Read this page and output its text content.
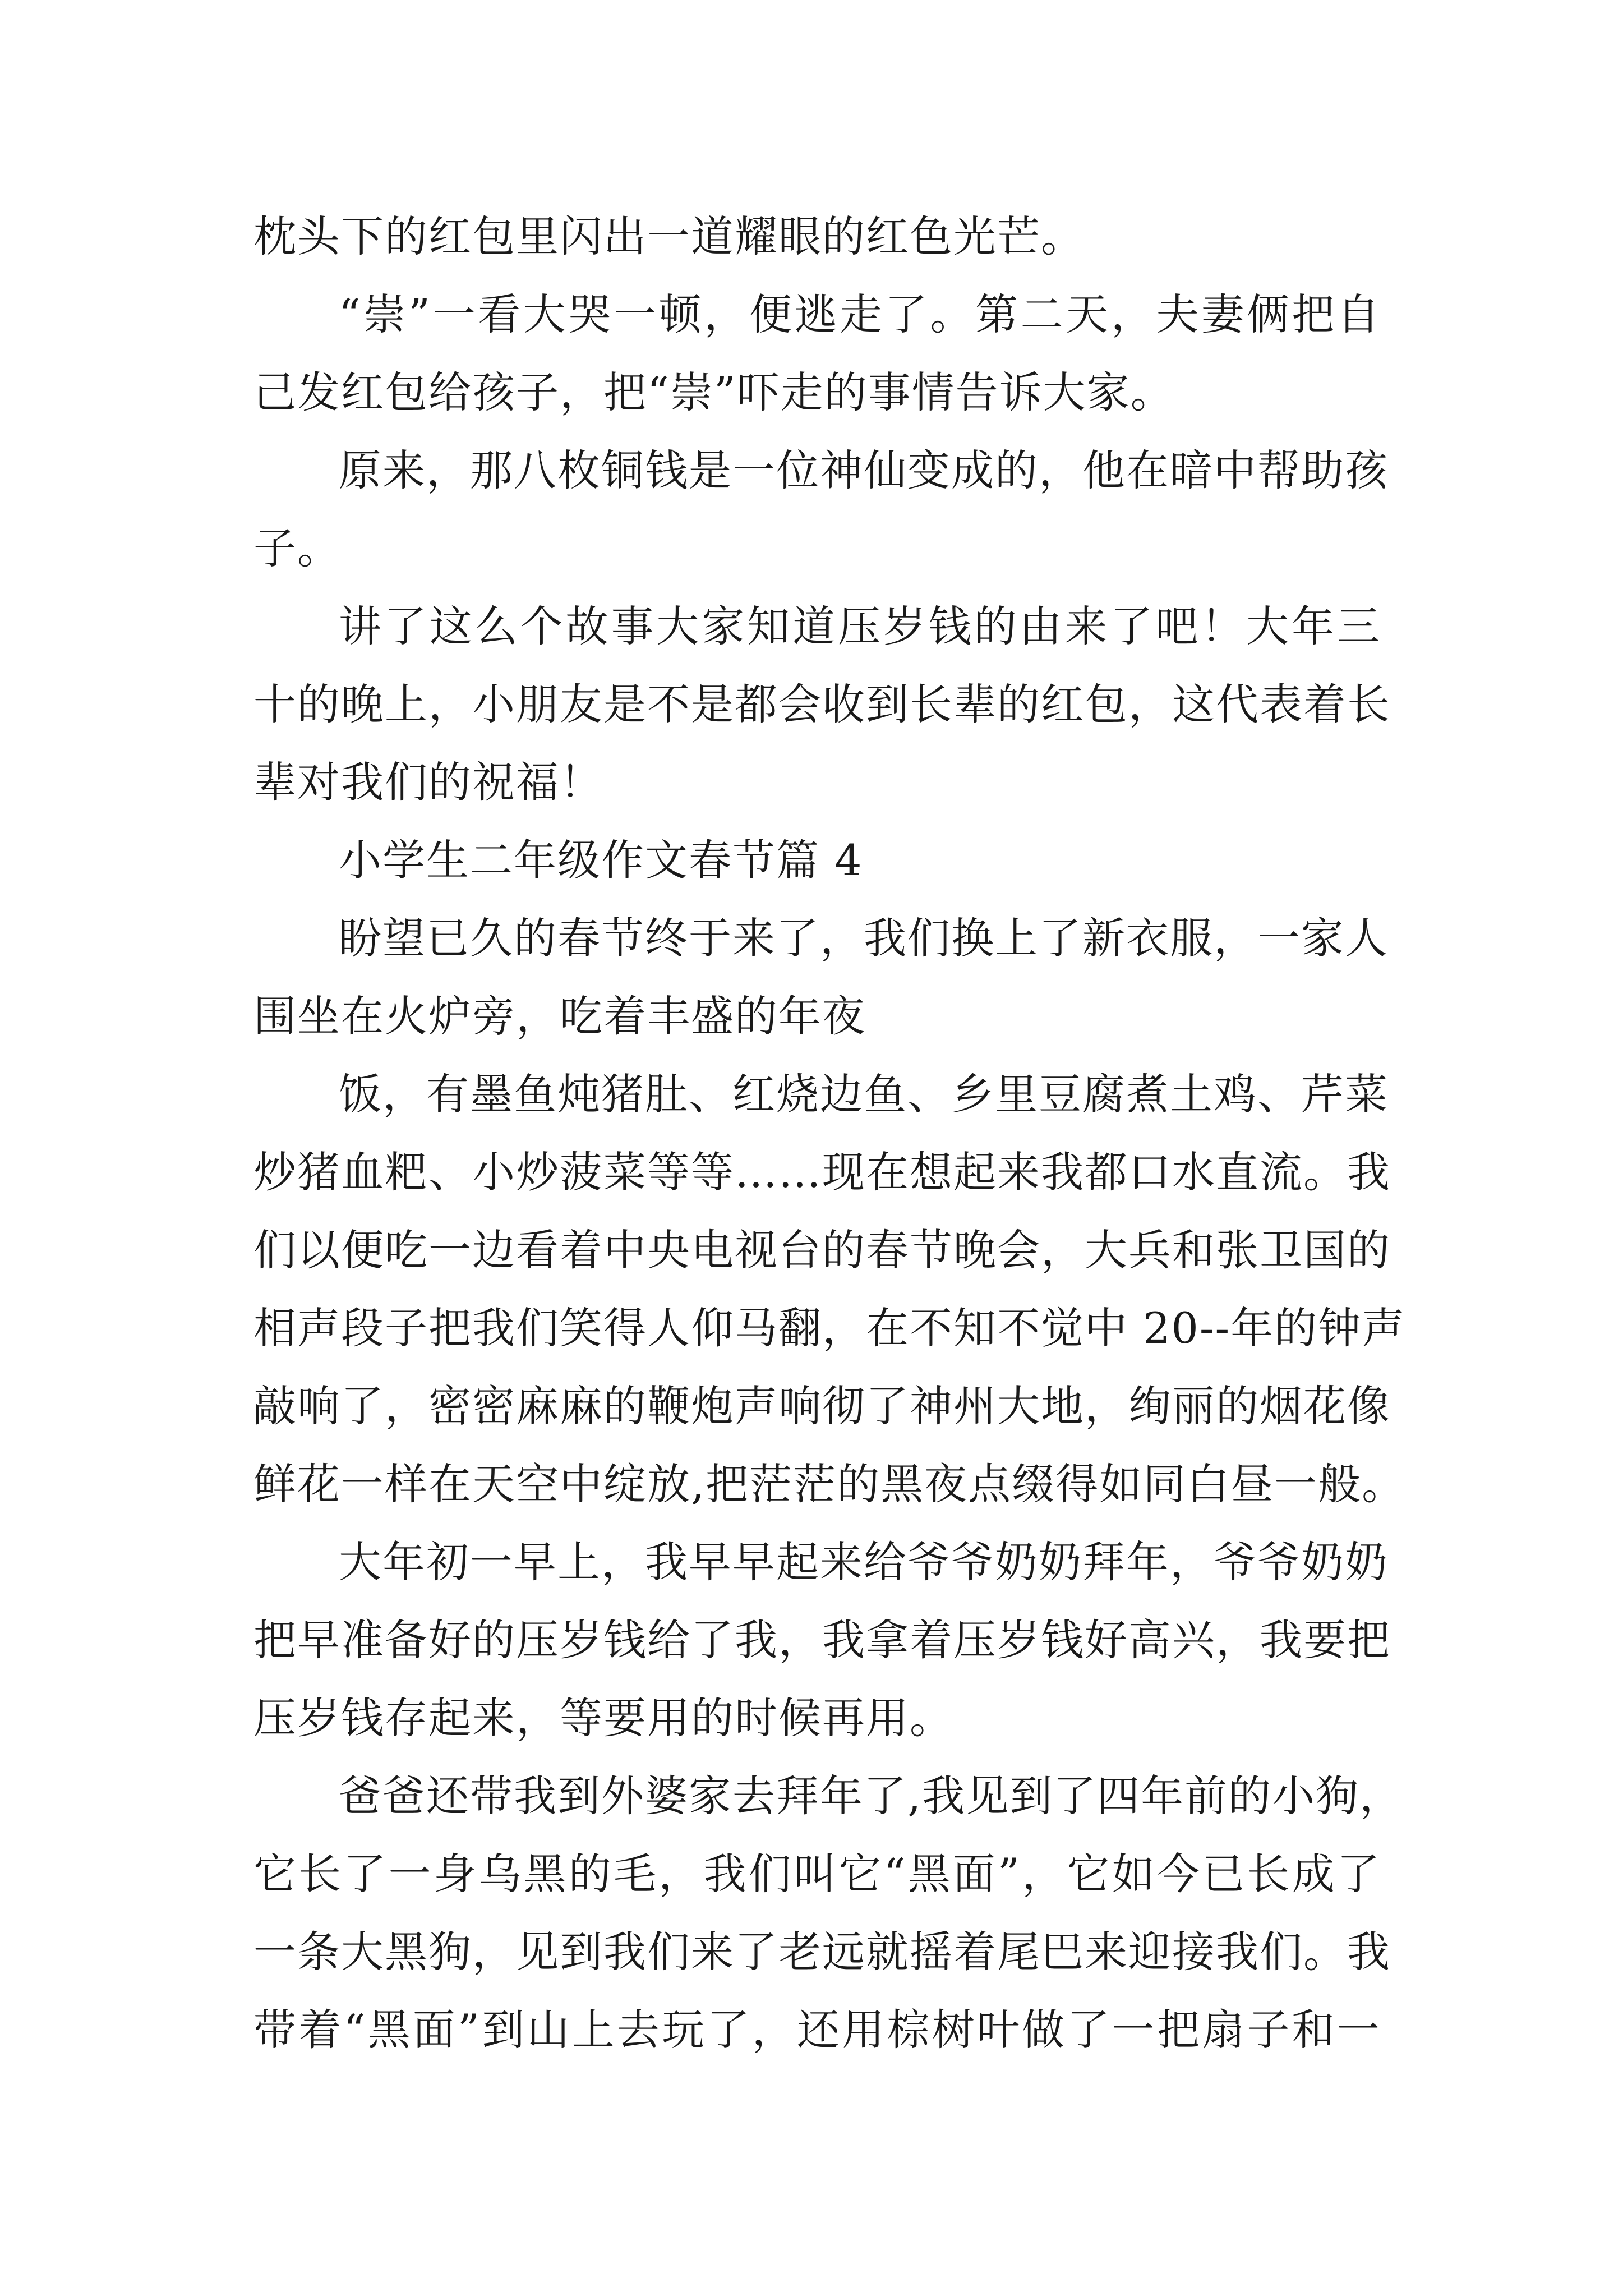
枕头下的红包里闪出一道耀眼的红色光芒。

“崇”一看大哭一顿，便逃走了。第二天，夫妻俩把自
己发红包给孩子，把“崇”吓走的事情告诉大家。

原来，那八枚铜钱是一位神仙变成的，他在暗中帮助孩
子。

讲了这么个故事大家知道压岁钱的由来了吧！大年三
十的晚上，小朋友是不是都会收到长辈的红包，这代表着长
辈对我们的祝福！

小学生二年级作文春节篇 4

盼望已久的春节终于来了，我们换上了新衣服，一家人
围坐在火炉旁，吃着丰盛的年夜

饭，有墨鱼炖猪肚、红烧边鱼、乡里豆腐煮土鸡、芹菜
炒猪血粑、小炒菠菜等等……现在想起来我都口水直流。我
们以便吃一边看着中央电视台的春节晚会，大兵和张卫国的
相声段子把我们笑得人仰马翻，在不知不觉中 20--年的钟声
敲响了，密密麻麻的鞭炮声响彻了神州大地，绚丽的烟花像
鲜花一样在天空中绽放,把茫茫的黑夜点缀得如同白昼一般。

大年初一早上，我早早起来给爷爷奶奶拜年，爷爷奶奶
把早准备好的压岁钱给了我，我拿着压岁钱好高兴，我要把
压岁钱存起来，等要用的时候再用。

爸爸还带我到外婆家去拜年了,我见到了四年前的小狗，
它长了一身乌黑的毛，我们叫它“黑面”，它如今已长成了
一条大黑狗，见到我们来了老远就摇着尾巴来迎接我们。我
带着“黑面”到山上去玩了，还用棕树叶做了一把扇子和一
